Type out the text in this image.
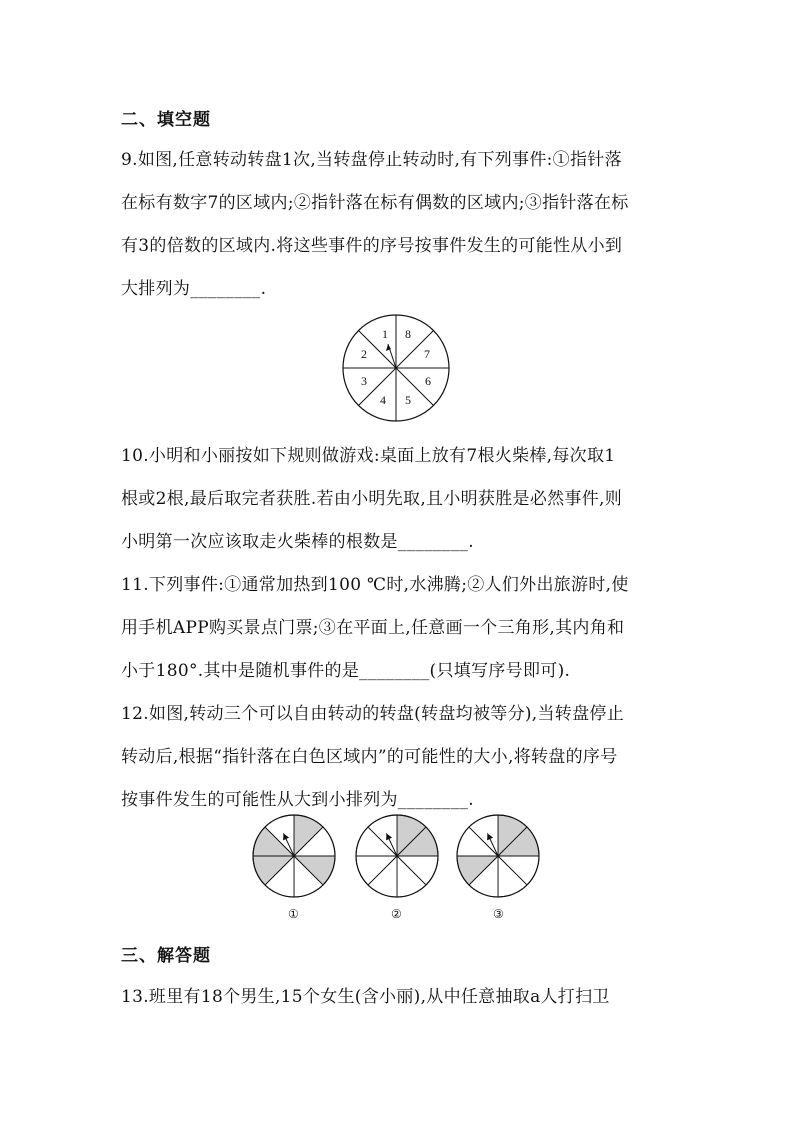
二、填空题
9.如图,任意转动转盘1次,当转盘停止转动时,有下列事件:①指针落
在标有数字7的区域内;②指针落在标有偶数的区域内;③指针落在标
有3的倍数的区域内.将这些事件的序号按事件发生的可能性从小到
大排列为________.
1 8
2	7
3	6
4 5
10.小明和小丽按如下规则做游戏:桌面上放有7根火柴棒,每次取1
根或2根,最后取完者获胜.若由小明先取,且小明获胜是必然事件,则
小明第一次应该取走火柴棒的根数是________.
11.下列事件:①通常加热到100 ℃时,水沸腾;②人们外出旅游时,使
用手机APP购买景点门票;③在平面上,任意画一个三角形,其内角和
小于180°.其中是随机事件的是________(只填写序号即可).
12.如图,转动三个可以自由转动的转盘(转盘均被等分),当转盘停止
转动后,根据“指针落在白色区域内”的可能性的大小,将转盘的序号
按事件发生的可能性从大到小排列为________.
①	②	③
三、解答题
13.班里有18个男生,15个女生(含小丽),从中任意抽取a人打扫卫
